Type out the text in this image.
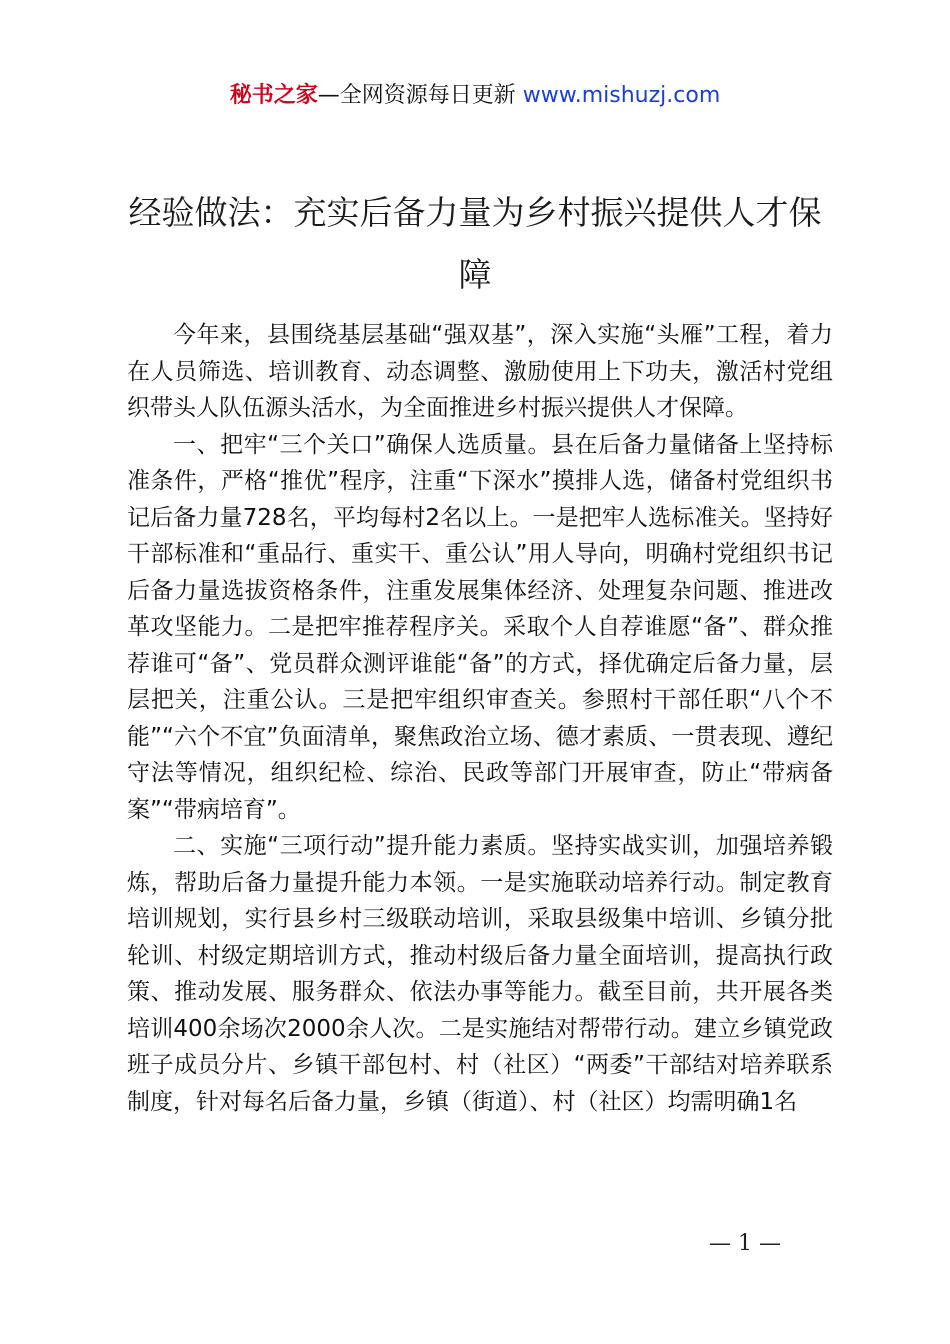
秘书之家—全网资源每日更新 www.mishuzj.com
经验做法：充实后备力量为乡村振兴提供人才保障

今年来，县围绕基层基础“强双基”，深入实施“头雁”工程，着力在人员筛选、培训教育、动态调整、激励使用上下功夫，激活村党组织带头人队伍源头活水，为全面推进乡村振兴提供人才保障。

一、把牢“三个关口”确保人选质量。县在后备力量储备上坚持标准条件，严格“推优”程序，注重“下深水”摸排人选，储备村党组织书记后备力量728名，平均每村2名以上。一是把牢人选标准关。坚持好干部标准和“重品行、重实干、重公认”用人导向，明确村党组织书记后备力量选拔资格条件，注重发展集体经济、处理复杂问题、推进改革攻坚能力。二是把牢推荐程序关。采取个人自荐谁愿“备”、群众推荐谁可“备”、党员群众测评谁能“备”的方式，择优确定后备力量，层层把关，注重公认。三是把牢组织审查关。参照村干部任职“八个不能”“六个不宜”负面清单，聚焦政治立场、德才素质、一贯表现、遵纪守法等情况，组织纪检、综治、民政等部门开展审查，防止“带病备案”“带病培育”。

二、实施“三项行动”提升能力素质。坚持实战实训，加强培养锻炼，帮助后备力量提升能力本领。一是实施联动培养行动。制定教育培训规划，实行县乡村三级联动培训，采取县级集中培训、乡镇分批轮训、村级定期培训方式，推动村级后备力量全面培训，提高执行政策、推动发展、服务群众、依法办事等能力。截至目前，共开展各类培训400余场次2000余人次。二是实施结对帮带行动。建立乡镇党政班子成员分片、乡镇干部包村、村（社区）“两委”干部结对培养联系制度，针对每名后备力量，乡镇（街道）、村（社区）均需明确1名

— 1 —
